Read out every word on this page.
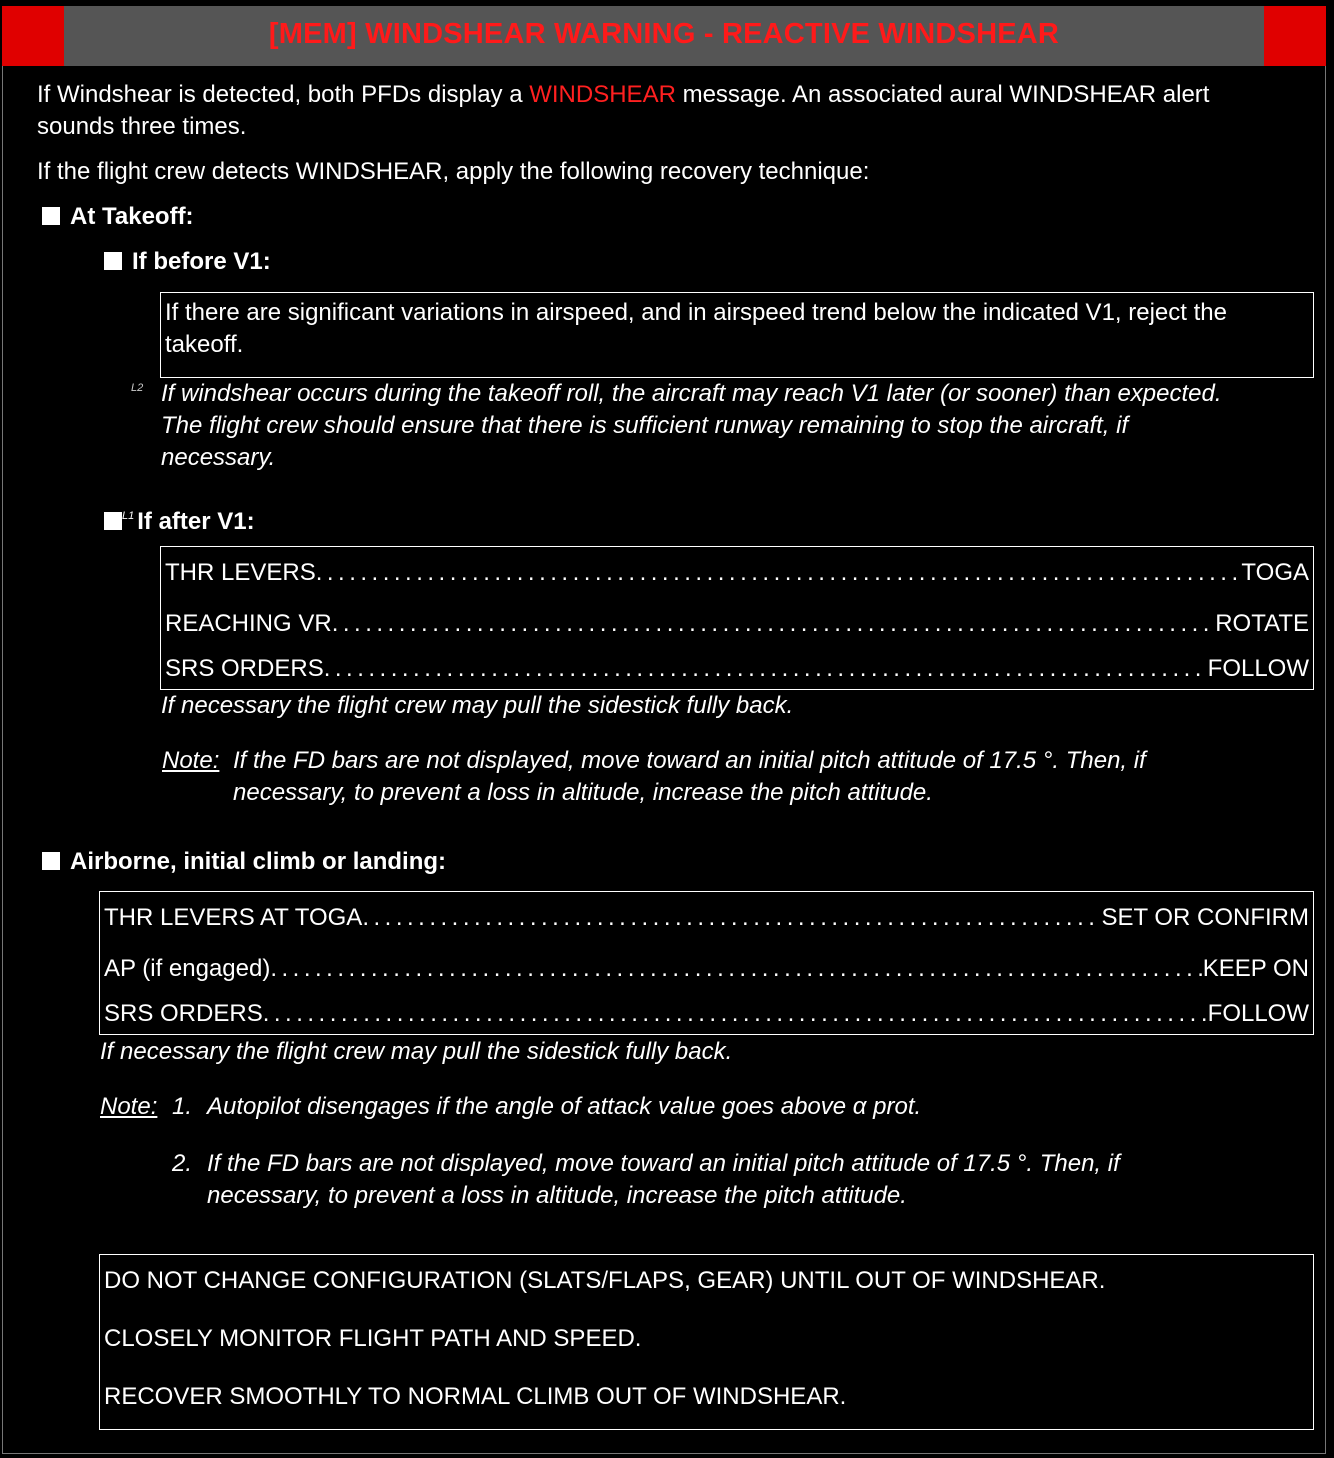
[MEM] WINDSHEAR WARNING - REACTIVE WINDSHEAR
If Windshear is detected, both PFDs display a WINDSHEAR message. An associated aural WINDSHEAR alert
sounds three times.
If the flight crew detects WINDSHEAR, apply the following recovery technique:
At Takeoff:
If before V1:
If there are significant variations in airspeed, and in airspeed trend below the indicated V1, reject the
takeoff.
L2 If windshear occurs during the takeoff roll, the aircraft may reach V1 later (or sooner) than expected.
The flight crew should ensure that there is sufficient runway remaining to stop the aircraft, if
necessary.
$^{L1}$ If after V1:
THR LEVERS .....	TOGA
REACHING VR .....	ROTATE
SRS ORDERS .....	FOLLOW
If necessary the flight crew may pull the sidestick fully back.
Note: If the FD bars are not displayed, move toward an initial pitch attitude of 17.5 °. Then, if
necessary, to prevent a loss in altitude, increase the pitch attitude.
Airborne, initial climb or landing:
THR LEVERS AT TOGA .....	SET OR CONFIRM
AP (if engaged) .....	KEEP ON
SRS ORDERS .....	FOLLOW
If necessary the flight crew may pull the sidestick fully back.
Note: 1. Autopilot disengages if the angle of attack value goes above α prot.
2. If the FD bars are not displayed, move toward an initial pitch attitude of 17.5 °. Then, if
necessary, to prevent a loss in altitude, increase the pitch attitude.
DO NOT CHANGE CONFIGURATION (SLATS/FLAPS, GEAR) UNTIL OUT OF WINDSHEAR.
CLOSELY MONITOR FLIGHT PATH AND SPEED.
RECOVER SMOOTHLY TO NORMAL CLIMB OUT OF WINDSHEAR.
